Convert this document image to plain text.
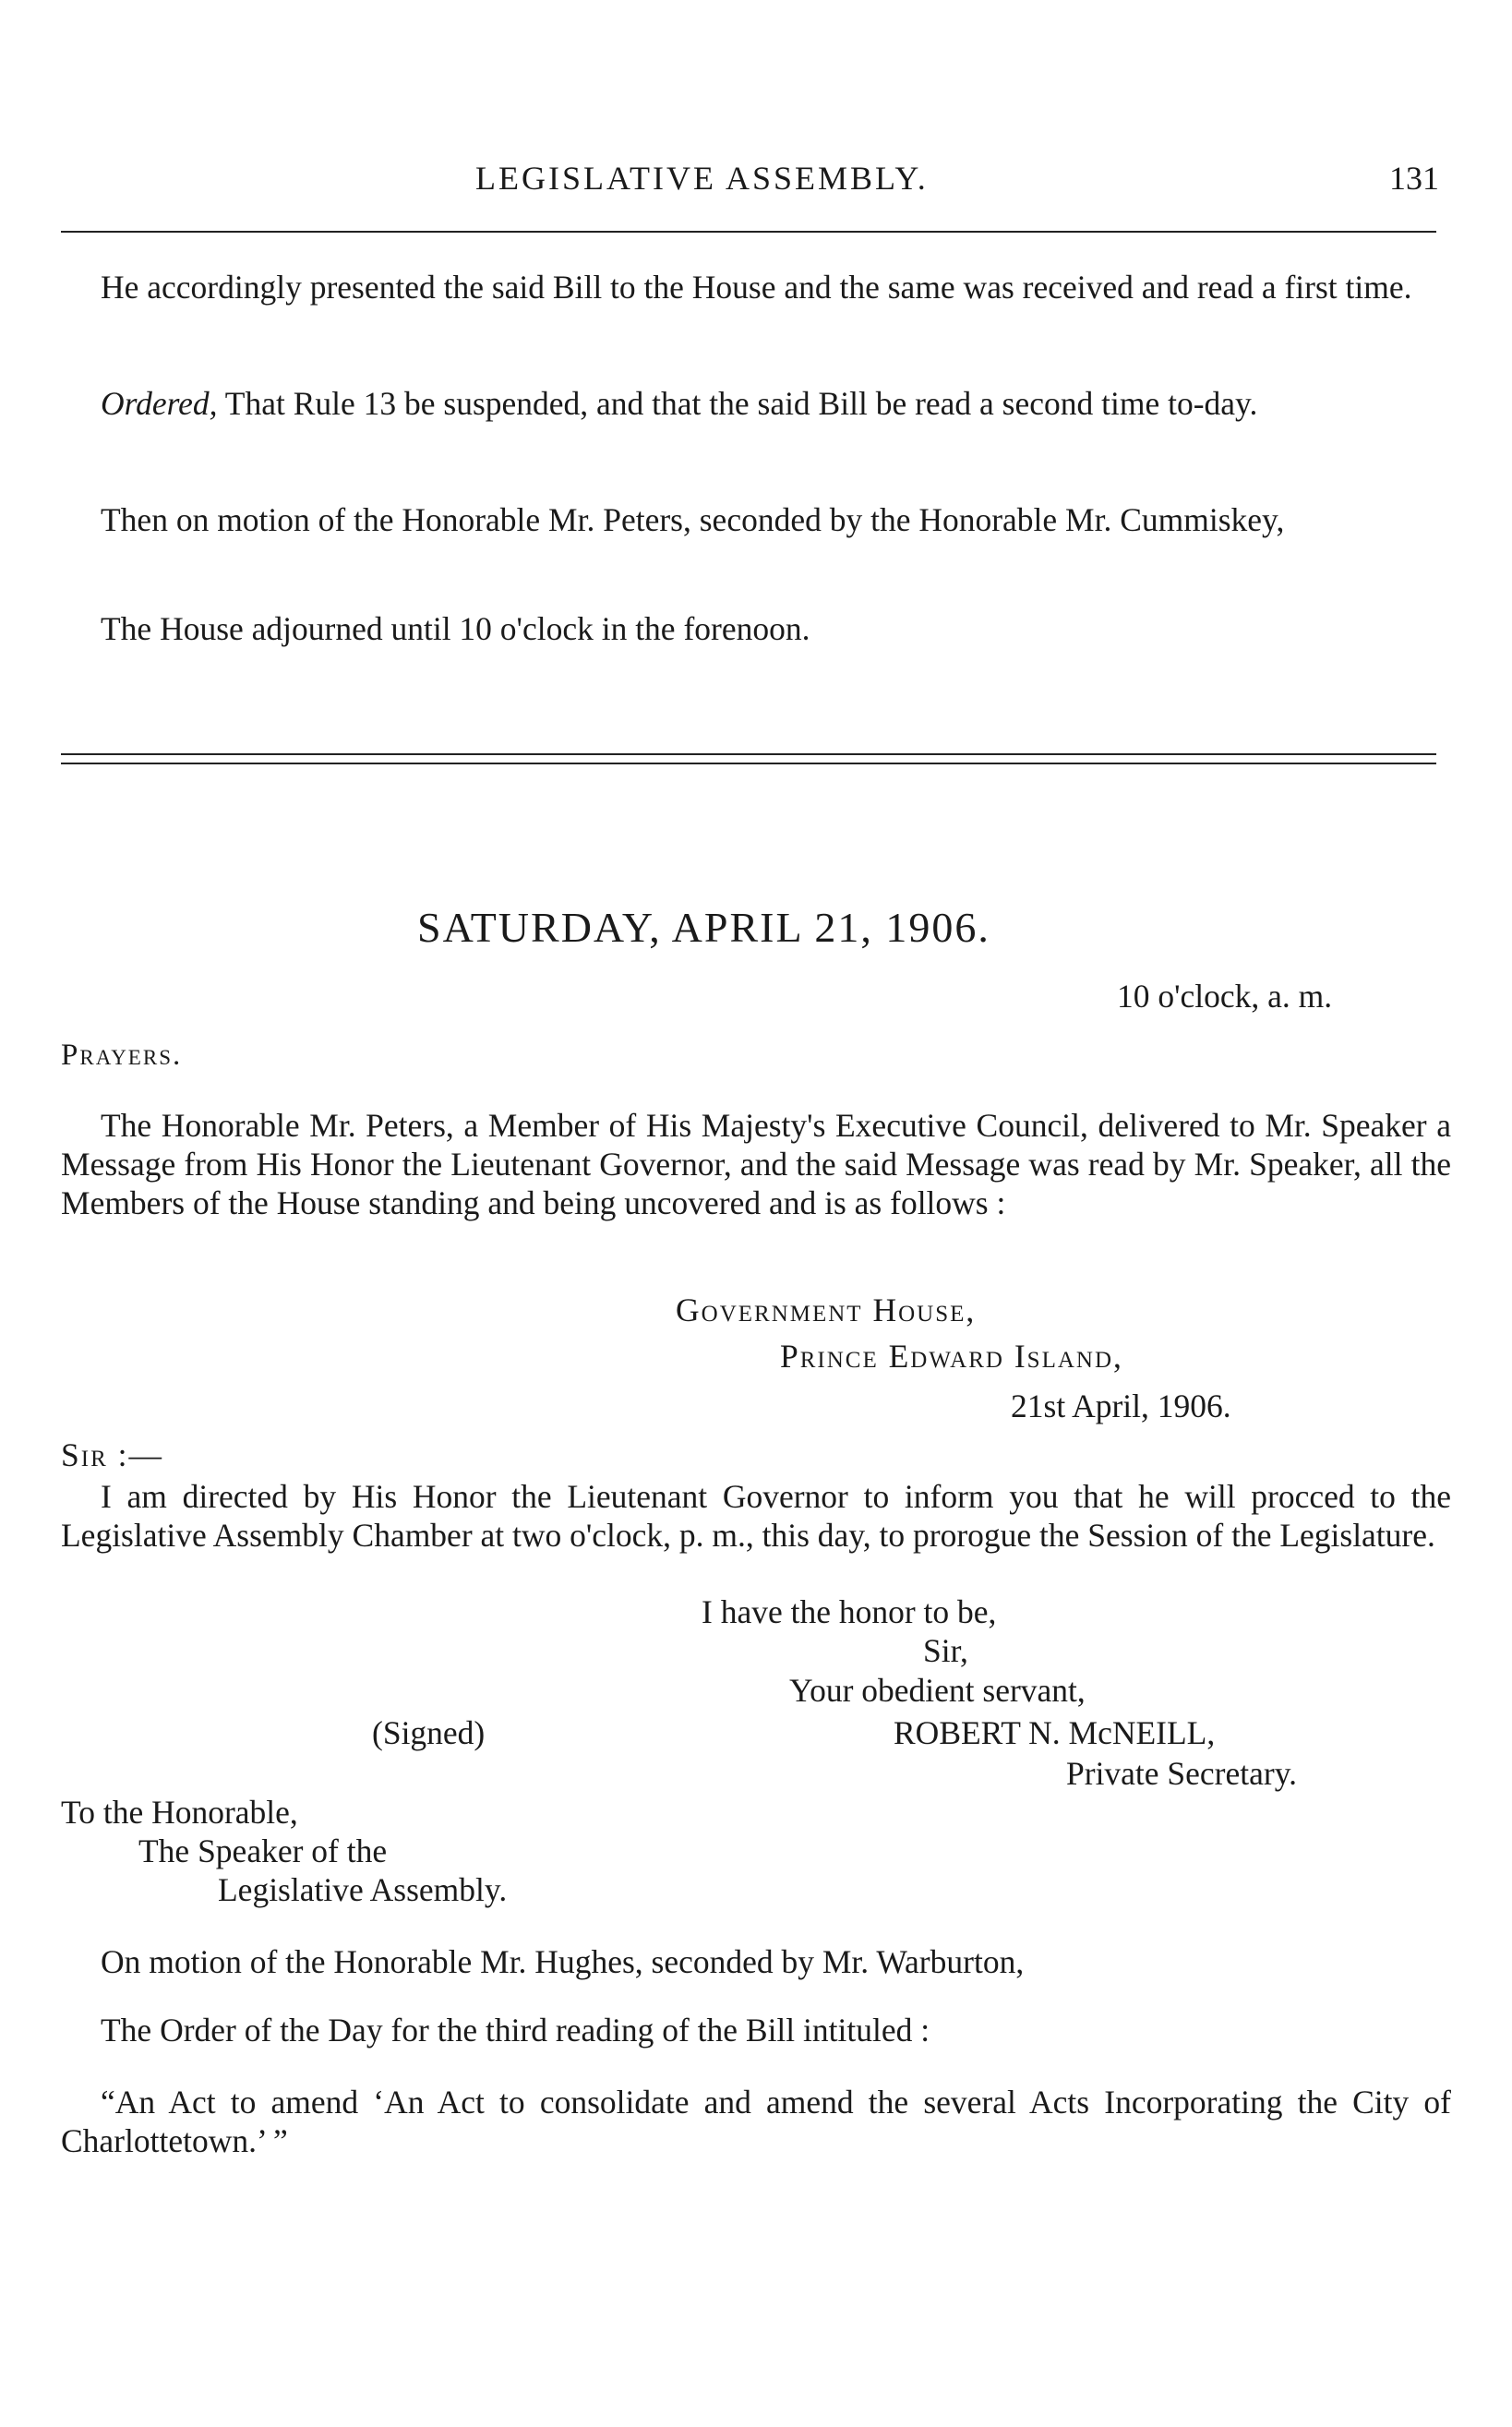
LEGISLATIVE ASSEMBLY.	131
He accordingly presented the said Bill to the House and the same was received and read a first time.
Ordered, That Rule 13 be suspended, and that the said Bill be read a second time to-day.
Then on motion of the Honorable Mr. Peters, seconded by the Honorable Mr. Cummiskey,
The House adjourned until 10 o'clock in the forenoon.
SATURDAY, APRIL 21, 1906.
10 o'clock, a. m.
Prayers.
The Honorable Mr. Peters, a Member of His Majesty's Executive Council, delivered to Mr. Speaker a Message from His Honor the Lieutenant Governor, and the said Message was read by Mr. Speaker, all the Members of the House standing and being uncovered and is as follows :
Government House,
Prince Edward Island,
21st April, 1906.
Sir :—
I am directed by His Honor the Lieutenant Governor to inform you that he will procced to the Legislative Assembly Chamber at two o'clock, p. m., this day, to prorogue the Session of the Legislature.
I have the honor to be,
Sir,
Your obedient servant,
(Signed)	ROBERT N. McNEILL,
Private Secretary.
To the Honorable,
The Speaker of the
Legislative Assembly.
On motion of the Honorable Mr. Hughes, seconded by Mr. Warburton,
The Order of the Day for the third reading of the Bill intituled :
“An Act to amend ‘An Act to consolidate and amend the several Acts Incorporating the City of Charlottetown.’ ”
